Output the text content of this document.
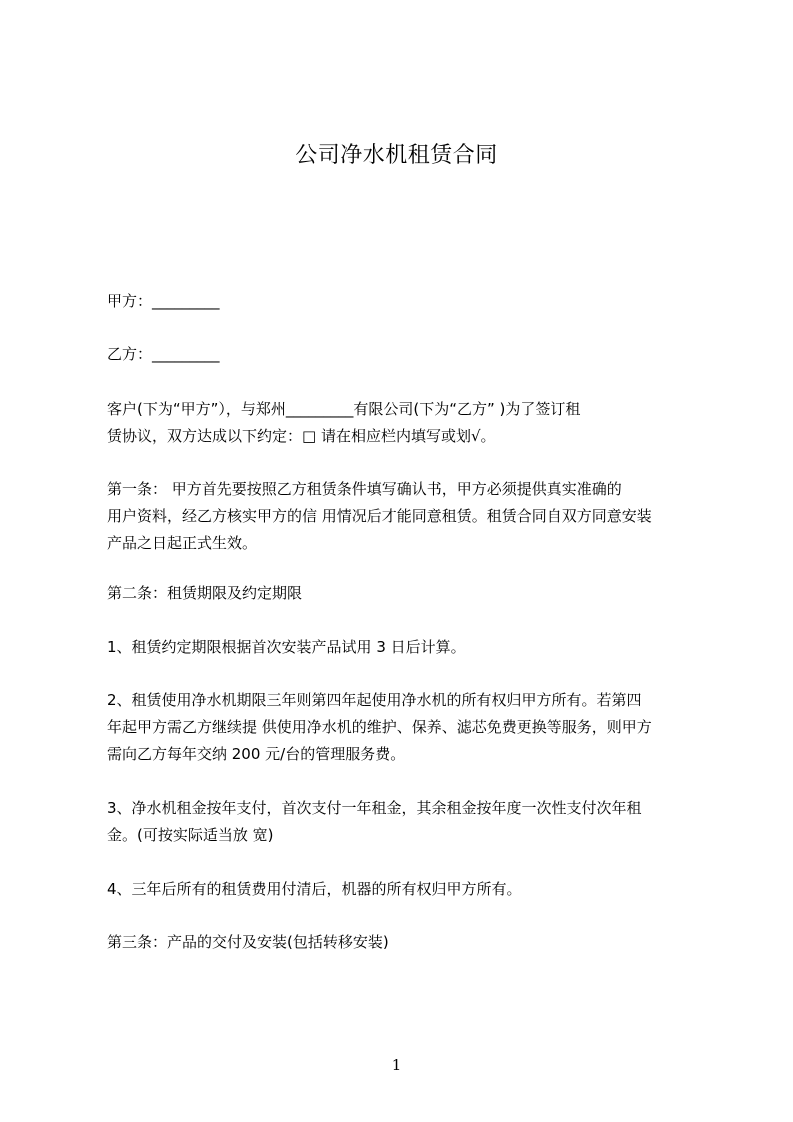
公司净水机租赁合同
甲方：_________
乙方：_________
客户(下为“甲方”），与郑州_________有限公司(下为“乙方” )为了签订租
赁协议，双方达成以下约定：□ 请在相应栏内填写或划√。
第一条： 甲方首先要按照乙方租赁条件填写确认书，甲方必须提供真实准确的
用户资料，经乙方核实甲方的信 用情况后才能同意租赁。租赁合同自双方同意安装
产品之日起正式生效。
第二条：租赁期限及约定期限
1、租赁约定期限根据首次安装产品试用 3 日后计算。
2、租赁使用净水机期限三年则第四年起使用净水机的所有权归甲方所有。若第四
年起甲方需乙方继续提 供使用净水机的维护、保养、滤芯免费更换等服务，则甲方
需向乙方每年交纳 200 元/台的管理服务费。
3、净水机租金按年支付，首次支付一年租金，其余租金按年度一次性支付次年租
金。(可按实际适当放 宽)
4、三年后所有的租赁费用付清后，机器的所有权归甲方所有。
第三条：产品的交付及安装(包括转移安装)
1
